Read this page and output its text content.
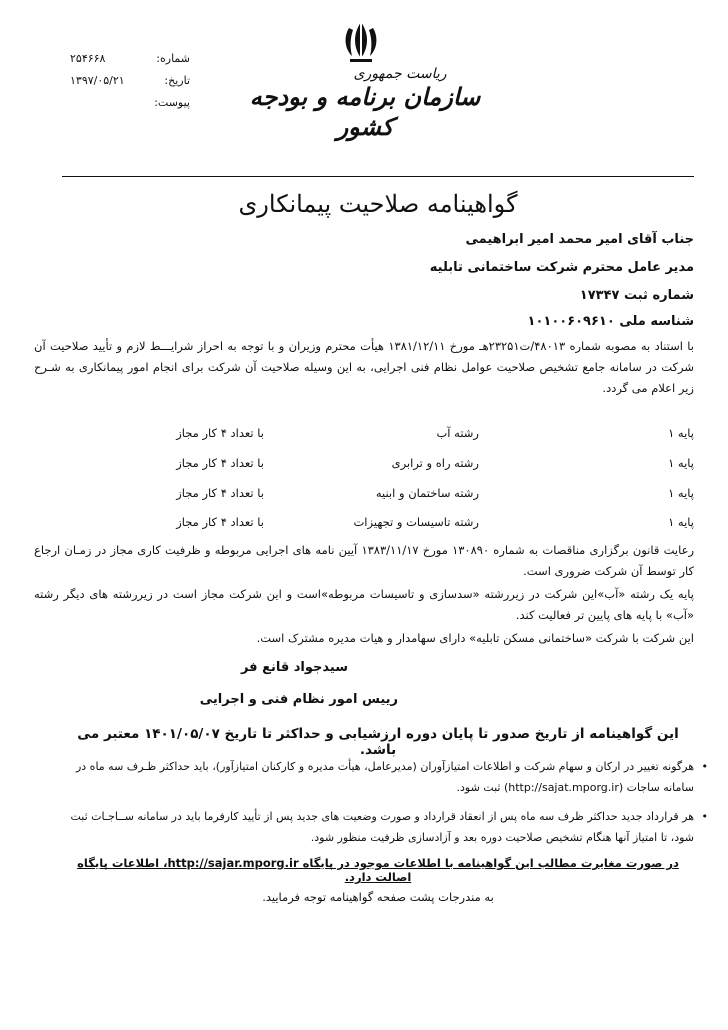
شماره:
۲۵۴۶۶۸
تاریخ:
۱۳۹۷/۰۵/۲۱
پیوست:
ریاست جمهوری
سازمان برنامه و بودجه کشور
گواهینامه صلاحیت پیمانکاری
جناب آقای امیر محمد امیر ابراهیمی
مدیر عامل محترم شرکت ساختمانی تابلیه
شماره ثبت ۱۷۳۴۷
شناسه ملی ۱۰۱۰۰۶۰۹۶۱۰
با استناد به مصوبه شماره ۴۸۰۱۳/ت۲۳۲۵۱هـ مورخ ۱۳۸۱/۱۲/۱۱ هیأت محترم وزیران و با توجه به احراز شرایـــط لازم و تأیید صلاحیت آن شرکت در سامانه جامع تشخیص صلاحیت عوامل نظام فنی اجرایی، به این وسیله صلاحیت آن شرکت برای انجام امور پیمانکاری به شـرح زیر اعلام می گردد.
پایه ۱
رشته آب
با تعداد ۴ کار مجاز
پایه ۱
رشته راه و ترابری
با تعداد ۴ کار مجاز
پایه ۱
رشته ساختمان و ابنیه
با تعداد ۴ کار مجاز
پایه ۱
رشته تاسیسات و تجهیزات
با تعداد ۴ کار مجاز
رعایت قانون برگزاری مناقصات به شماره ۱۳۰۸۹۰ مورخ ۱۳۸۳/۱۱/۱۷ آیین نامه های اجرایی مربوطه و ظرفیت کاری مجاز در زمـان ارجاع کار توسط آن شرکت ضروری است.
پایه یک رشته «آب»این شرکت در زیررشته «سدسازی و تاسیسات مربوطه»است و این شرکت مجاز است در زیررشته های دیگر رشته «آب» با پایه های پایین تر فعالیت کند.
این شرکت با شرکت «ساختمانی مسکن تابلیه» دارای سهامدار و هیات مدیره مشترک است.
سیدجواد قانع فر
رییس امور نظام فنی و اجرایی
این گواهینامه از تاریخ صدور تا پایان دوره ارزشیابی و حداکثر تا تاریخ ۱۴۰۱/۰۵/۰۷ معتبر می باشد.
•
هرگونه تغییر در ارکان و سهام شرکت و اطلاعات امتیازآوران (مدیرعامل، هیأت مدیره و کارکنان امتیازآور)، باید حداکثر ظـرف سه ماه در سامانه ساجات (http://sajat.mporg.ir) ثبت شود.
•
هر قرارداد جدید حداکثر ظرف سه ماه پس از انعقاد قرارداد و صورت وضعیت های جدید پس از تأیید کارفرما باید در سامانه ســاجـات ثبت شود، تا امتیاز آنها هنگام تشخیص صلاحیت دوره بعد و آزادسازی ظرفیت منظور شود.
در صورت مغایرت مطالب این گواهینامه با اطلاعات موجود در پایگاه http://sajar.mporg.ir، اطلاعات پایگاه اصالت دارد.
به مندرجات پشت صفحه گواهینامه توجه فرمایید.
